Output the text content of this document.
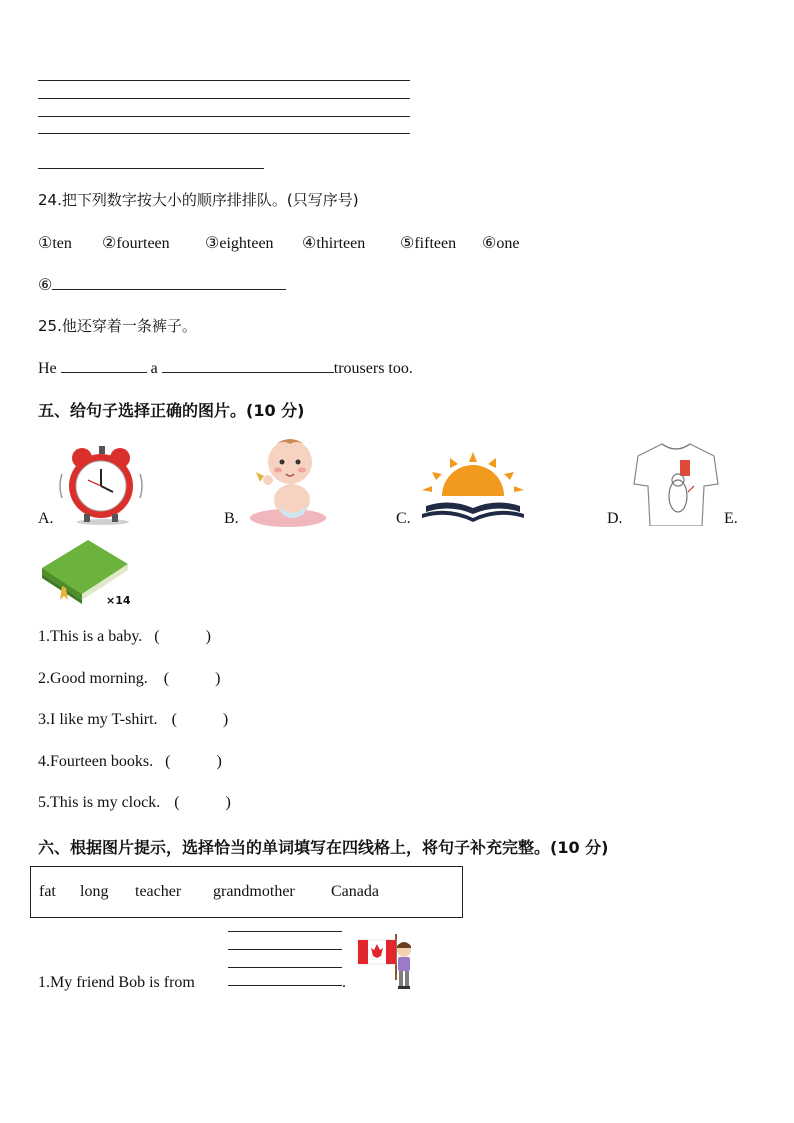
24.把下列数字按大小的顺序排排队。(只写序号)
①ten ②fourteen ③eighteen ④thirteen ⑤fifteen ⑥one
⑥
25.他还穿着一条裤子。
He	a	trousers too.
五、给句子选择正确的图片。(10 分)
A.	B.	C.	D.	E.
×14
1.This is a baby. (	)
2.Good morning. (	)
3.I like my T-shirt. (	)
4.Fourteen books. (	)
5.This is my clock. (	)
六、根据图片提示，选择恰当的单词填写在四线格上，将句子补充完整。(10 分)
fat long teacher grandmother Canada
1.My friend Bob is from	.
